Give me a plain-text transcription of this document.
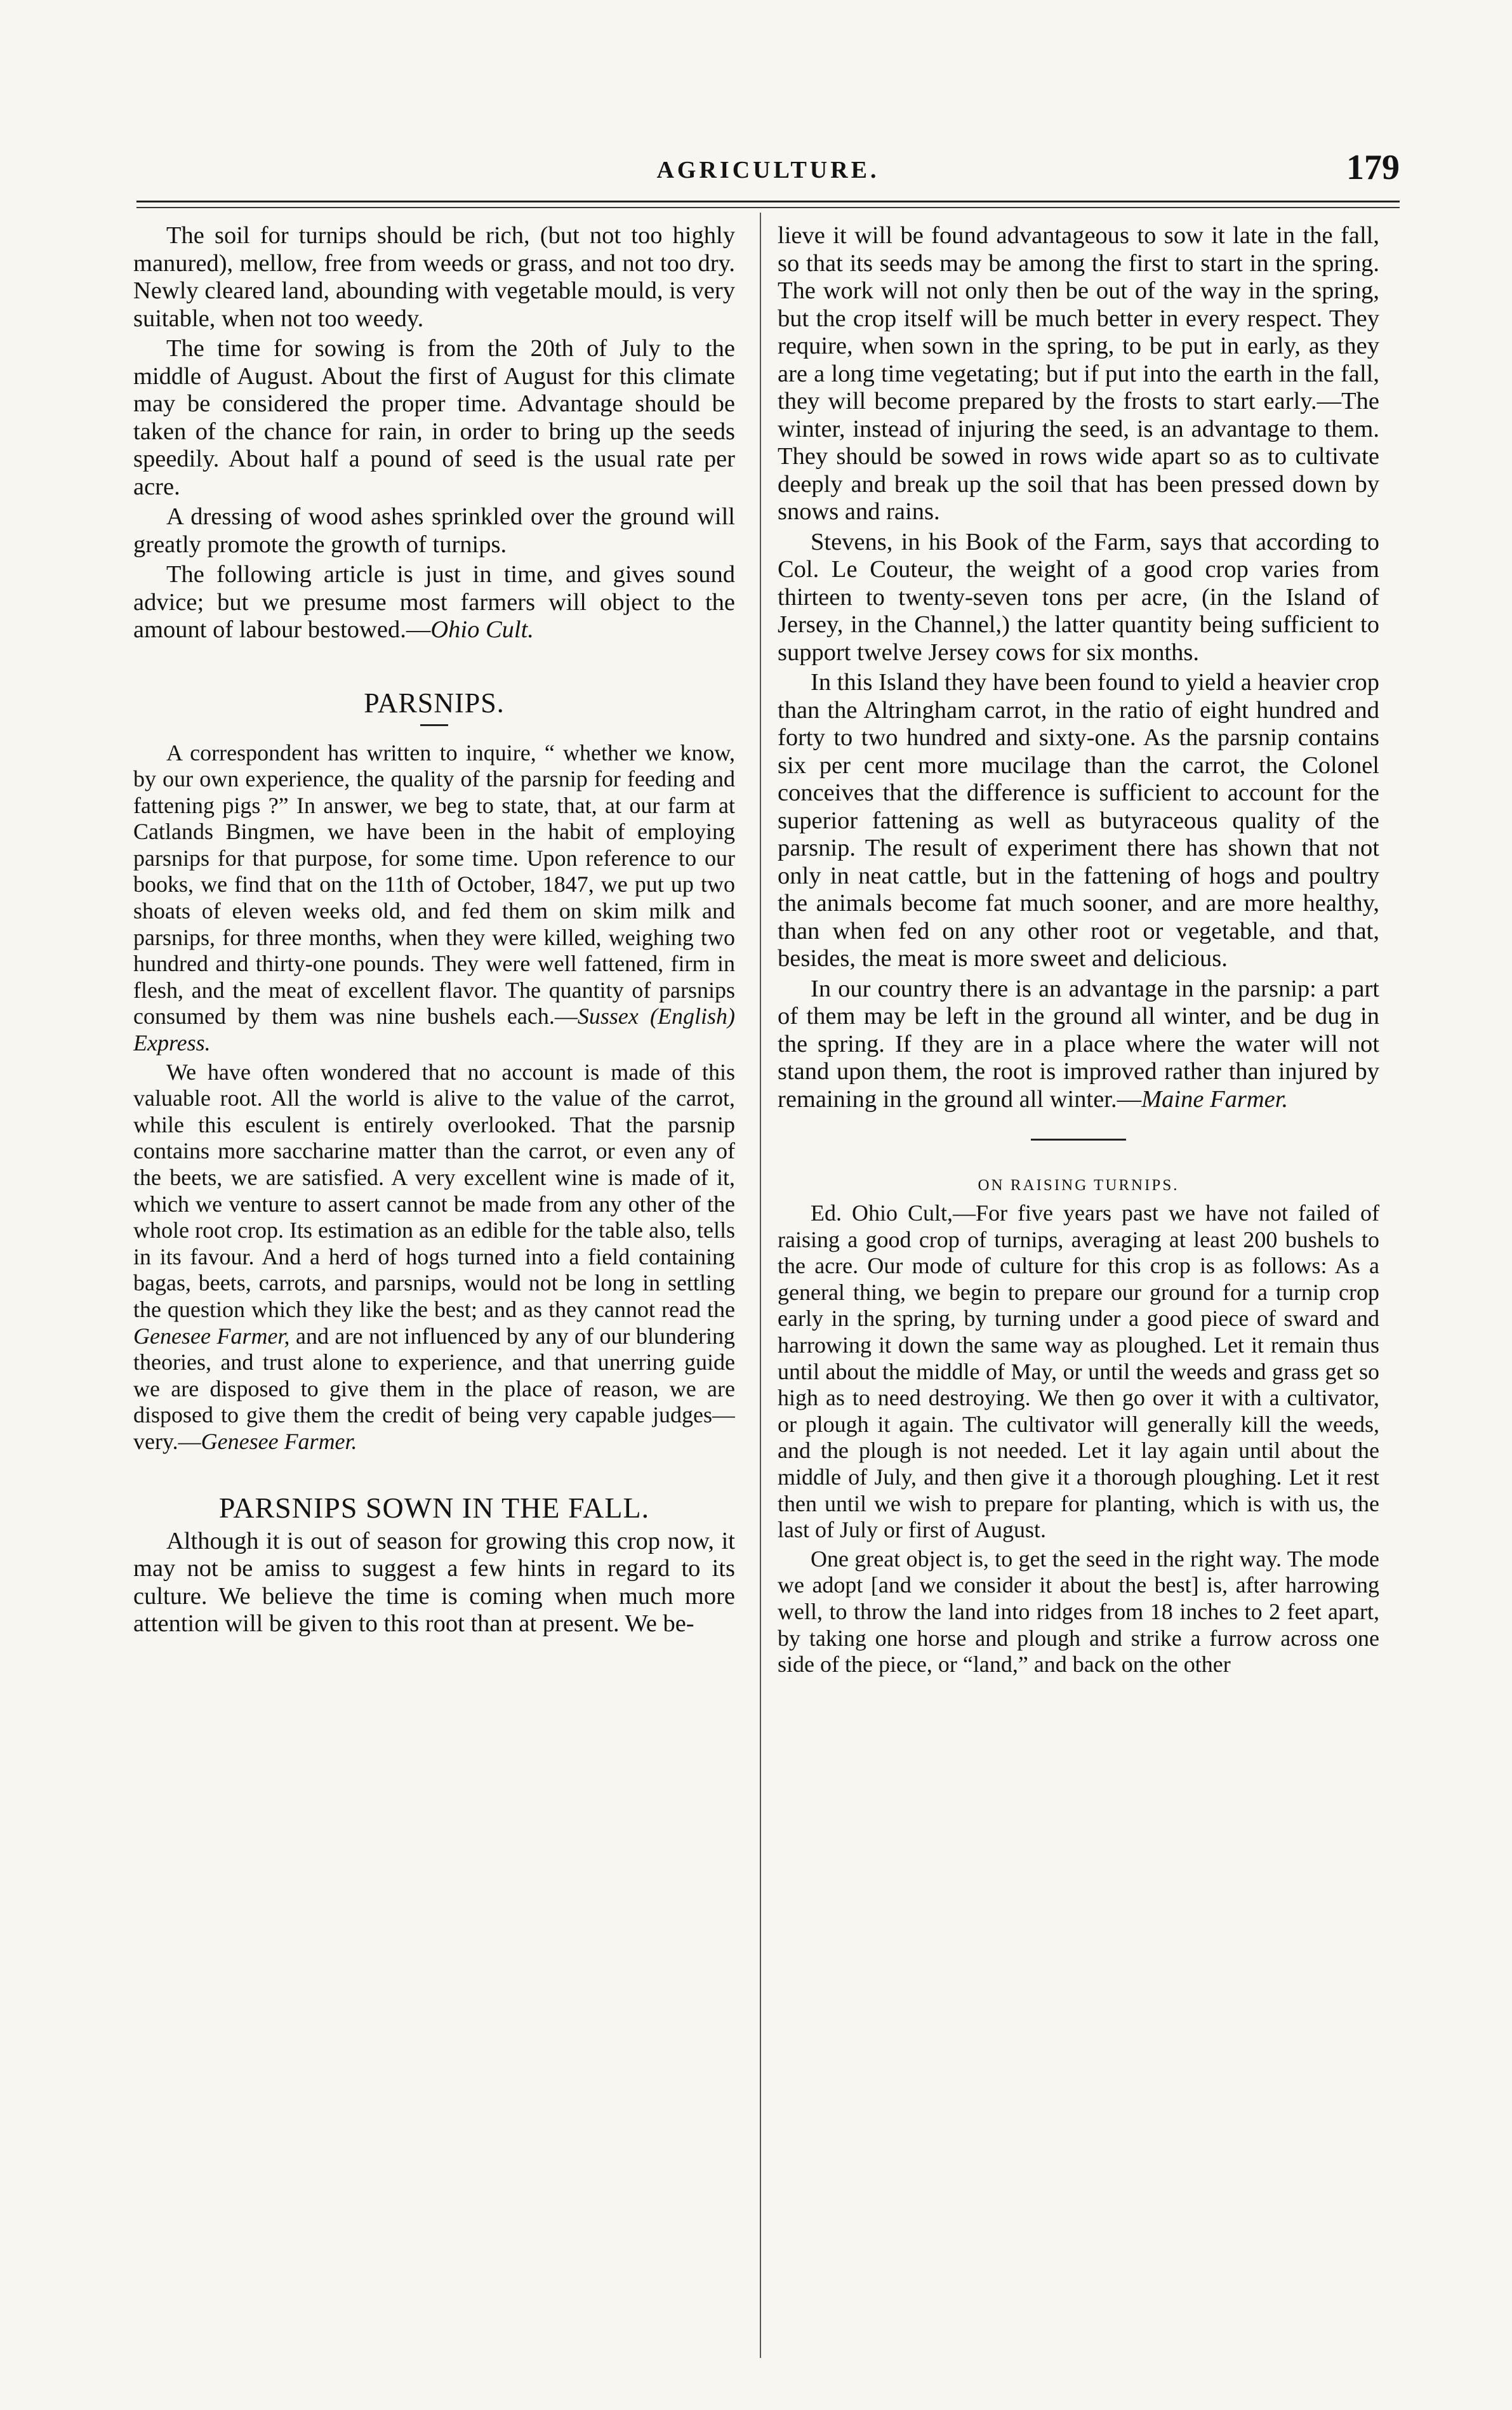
AGRICULTURE.	179

The soil for turnips should be rich, (but not too highly manured), mellow, free from weeds or grass, and not too dry. Newly cleared land, abounding with vegetable mould, is very suitable, when not too weedy.

The time for sowing is from the 20th of July to the middle of August. About the first of August for this climate may be considered the proper time. Advantage should be taken of the chance for rain, in order to bring up the seeds speedily. About half a pound of seed is the usual rate per acre.

A dressing of wood ashes sprinkled over the ground will greatly promote the growth of turnips.

The following article is just in time, and gives sound advice; but we presume most farmers will object to the amount of labour bestowed.—Ohio Cult.

PARSNIPS.

A correspondent has written to inquire, “ whether we know, by our own experience, the quality of the parsnip for feeding and fattening pigs ?” In answer, we beg to state, that, at our farm at Catlands Bingmen, we have been in the habit of employing parsnips for that purpose, for some time. Upon reference to our books, we find that on the 11th of October, 1847, we put up two shoats of eleven weeks old, and fed them on skim milk and parsnips, for three months, when they were killed, weighing two hundred and thirty-one pounds. They were well fattened, firm in flesh, and the meat of excellent flavor. The quantity of parsnips consumed by them was nine bushels each.—Sussex (English) Express.

We have often wondered that no account is made of this valuable root. All the world is alive to the value of the carrot, while this esculent is entirely overlooked. That the parsnip contains more saccharine matter than the carrot, or even any of the beets, we are satisfied. A very excellent wine is made of it, which we venture to assert cannot be made from any other of the whole root crop. Its estimation as an edible for the table also, tells in its favour. And a herd of hogs turned into a field containing bagas, beets, carrots, and parsnips, would not be long in settling the question which they like the best; and as they cannot read the Genesee Farmer, and are not influenced by any of our blundering theories, and trust alone to experience, and that unerring guide we are disposed to give them in the place of reason, we are disposed to give them the credit of being very capable judges—very.—Genesee Farmer.

PARSNIPS SOWN IN THE FALL.

Although it is out of season for growing this crop now, it may not be amiss to suggest a few hints in regard to its culture. We believe the time is coming when much more attention will be given to this root than at present. We be-

lieve it will be found advantageous to sow it late in the fall, so that its seeds may be among the first to start in the spring. The work will not only then be out of the way in the spring, but the crop itself will be much better in every respect. They require, when sown in the spring, to be put in early, as they are a long time vegetating; but if put into the earth in the fall, they will become prepared by the frosts to start early.—The winter, instead of injuring the seed, is an advantage to them. They should be sowed in rows wide apart so as to cultivate deeply and break up the soil that has been pressed down by snows and rains.

Stevens, in his Book of the Farm, says that according to Col. Le Couteur, the weight of a good crop varies from thirteen to twenty-seven tons per acre, (in the Island of Jersey, in the Channel,) the latter quantity being sufficient to support twelve Jersey cows for six months.

In this Island they have been found to yield a heavier crop than the Altringham carrot, in the ratio of eight hundred and forty to two hundred and sixty-one. As the parsnip contains six per cent more mucilage than the carrot, the Colonel conceives that the difference is sufficient to account for the superior fattening as well as butyraceous quality of the parsnip. The result of experiment there has shown that not only in neat cattle, but in the fattening of hogs and poultry the animals become fat much sooner, and are more healthy, than when fed on any other root or vegetable, and that, besides, the meat is more sweet and delicious.

In our country there is an advantage in the parsnip: a part of them may be left in the ground all winter, and be dug in the spring. If they are in a place where the water will not stand upon them, the root is improved rather than injured by remaining in the ground all winter.—Maine Farmer.

ON RAISING TURNIPS.

Ed. Ohio Cult,—For five years past we have not failed of raising a good crop of turnips, averaging at least 200 bushels to the acre. Our mode of culture for this crop is as follows: As a general thing, we begin to prepare our ground for a turnip crop early in the spring, by turning under a good piece of sward and harrowing it down the same way as ploughed. Let it remain thus until about the middle of May, or until the weeds and grass get so high as to need destroying. We then go over it with a cultivator, or plough it again. The cultivator will generally kill the weeds, and the plough is not needed. Let it lay again until about the middle of July, and then give it a thorough ploughing. Let it rest then until we wish to prepare for planting, which is with us, the last of July or first of August.

One great object is, to get the seed in the right way. The mode we adopt [and we consider it about the best] is, after harrowing well, to throw the land into ridges from 18 inches to 2 feet apart, by taking one horse and plough and strike a furrow across one side of the piece, or “land,” and back on the other
